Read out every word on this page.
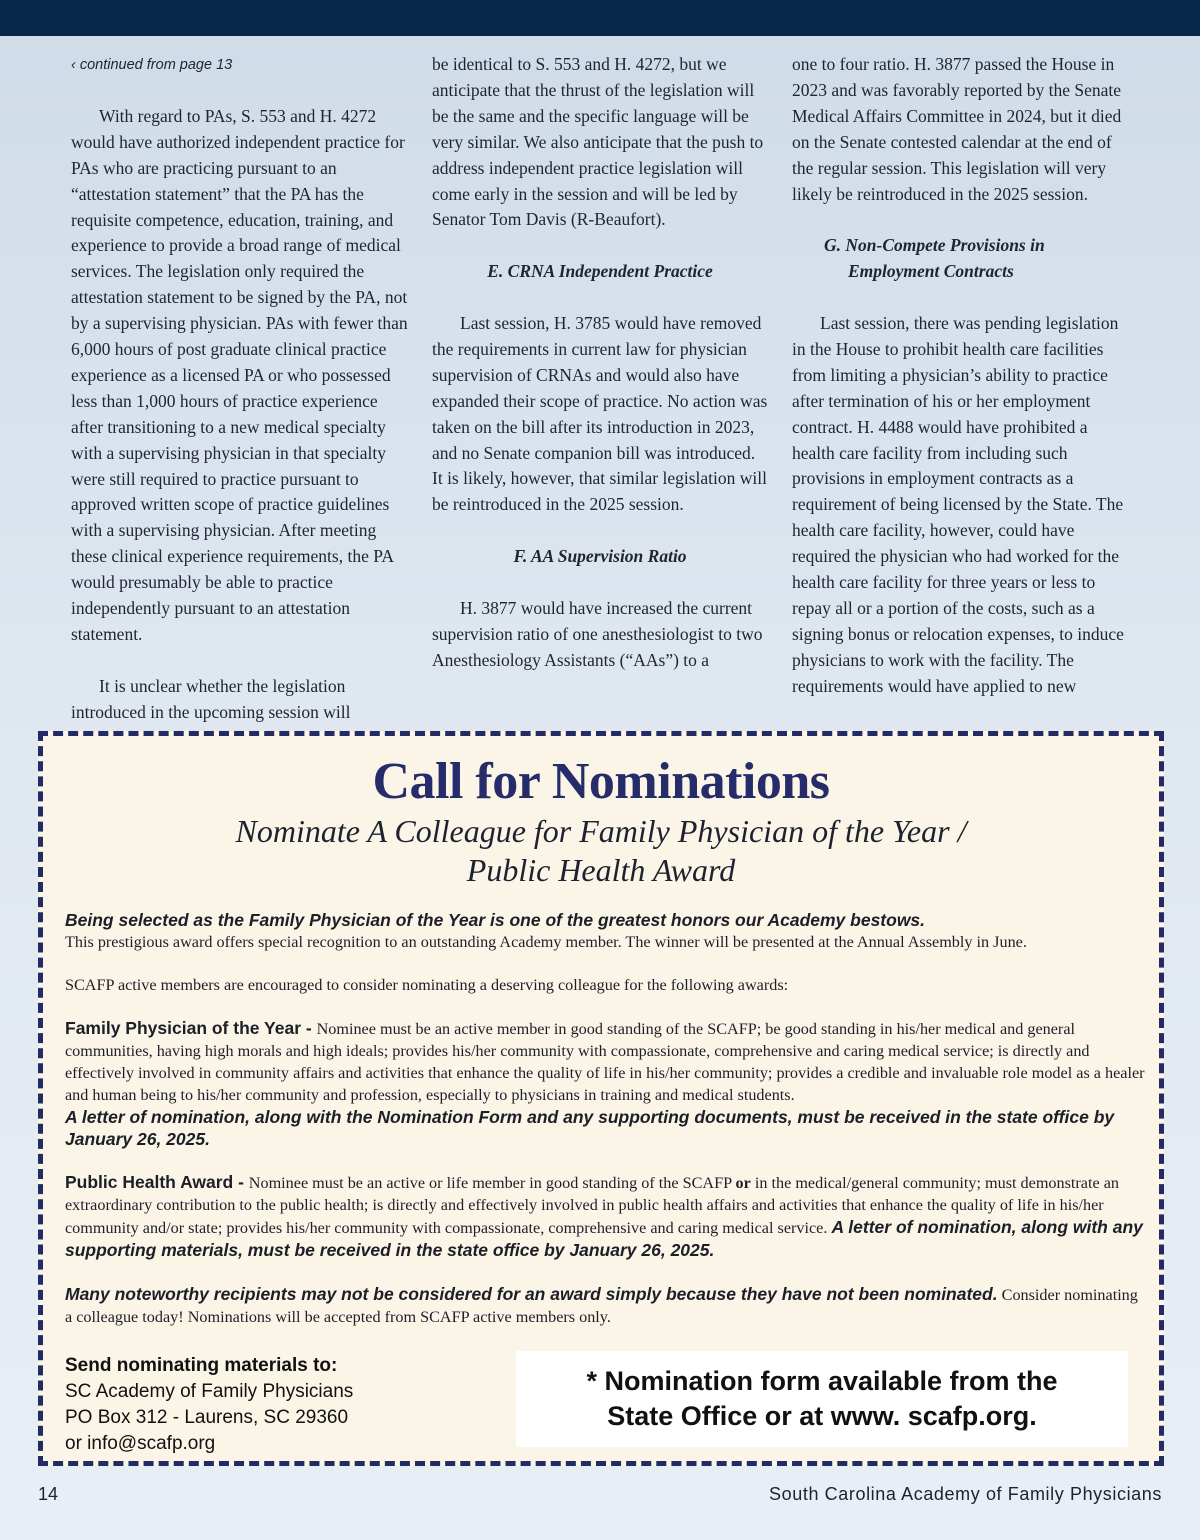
‹ continued from page 13

With regard to PAs, S. 553 and H. 4272 would have authorized independent practice for PAs who are practicing pursuant to an “attestation statement” that the PA has the requisite competence, education, training, and experience to provide a broad range of medical services. The legislation only required the attestation statement to be signed by the PA, not by a supervising physician. PAs with fewer than 6,000 hours of post graduate clinical practice experience as a licensed PA or who possessed less than 1,000 hours of practice experience after transitioning to a new medical specialty with a supervising physician in that specialty were still required to practice pursuant to approved written scope of practice guidelines with a supervising physician. After meeting these clinical experience requirements, the PA would presumably be able to practice independently pursuant to an attestation statement.

It is unclear whether the legislation introduced in the upcoming session will

be identical to S. 553 and H. 4272, but we anticipate that the thrust of the legislation will be the same and the specific language will be very similar. We also anticipate that the push to address independent practice legislation will come early in the session and will be led by Senator Tom Davis (R-Beaufort).

E. CRNA Independent Practice

Last session, H. 3785 would have removed the requirements in current law for physician supervision of CRNAs and would also have expanded their scope of practice. No action was taken on the bill after its introduction in 2023, and no Senate companion bill was introduced. It is likely, however, that similar legislation will be reintroduced in the 2025 session.

F. AA Supervision Ratio

H. 3877 would have increased the current supervision ratio of one anesthesiologist to two Anesthesiology Assistants (“AAs”) to a

one to four ratio. H. 3877 passed the House in 2023 and was favorably reported by the Senate Medical Affairs Committee in 2024, but it died on the Senate contested calendar at the end of the regular session. This legislation will very likely be reintroduced in the 2025 session.

G. Non-Compete Provisions in
Employment Contracts

Last session, there was pending legislation in the House to prohibit health care facilities from limiting a physician’s ability to practice after termination of his or her employment contract. H. 4488 would have prohibited a health care facility from including such provisions in employment contracts as a requirement of being licensed by the State. The health care facility, however, could have required the physician who had worked for the health care facility for three years or less to repay all or a portion of the costs, such as a signing bonus or relocation expenses, to induce physicians to work with the facility. The requirements would have applied to new

Call for Nominations
Nominate A Colleague for Family Physician of the Year /
Public Health Award

Being selected as the Family Physician of the Year is one of the greatest honors our Academy bestows.

This prestigious award offers special recognition to an outstanding Academy member. The winner will be presented at the Annual Assembly in June.

SCAFP active members are encouraged to consider nominating a deserving colleague for the following awards:

Family Physician of the Year - Nominee must be an active member in good standing of the SCAFP; be good standing in his/her medical and general communities, having high morals and high ideals; provides his/her community with compassionate, comprehensive and caring medical service; is directly and effectively involved in community affairs and activities that enhance the quality of life in his/her community; provides a credible and invaluable role model as a healer and human being to his/her community and profession, especially to physicians in training and medical students.

A letter of nomination, along with the Nomination Form and any supporting documents, must be received in the state office by January 26, 2025.

Public Health Award - Nominee must be an active or life member in good standing of the SCAFP or in the medical/general community; must demonstrate an extraordinary contribution to the public health; is directly and effectively involved in public health affairs and activities that enhance the quality of life in his/her community and/or state; provides his/her community with compassionate, comprehensive and caring medical service. A letter of nomination, along with any supporting materials, must be received in the state office by January 26, 2025.

Many noteworthy recipients may not be considered for an award simply because they have not been nominated. Consider nominating a colleague today! Nominations will be accepted from SCAFP active members only.

Send nominating materials to:
SC Academy of Family Physicians
PO Box 312 - Laurens, SC 29360
or info@scafp.org
* Nomination form available from the
State Office or at www. scafp.org.
14	South Carolina Academy of Family Physicians
